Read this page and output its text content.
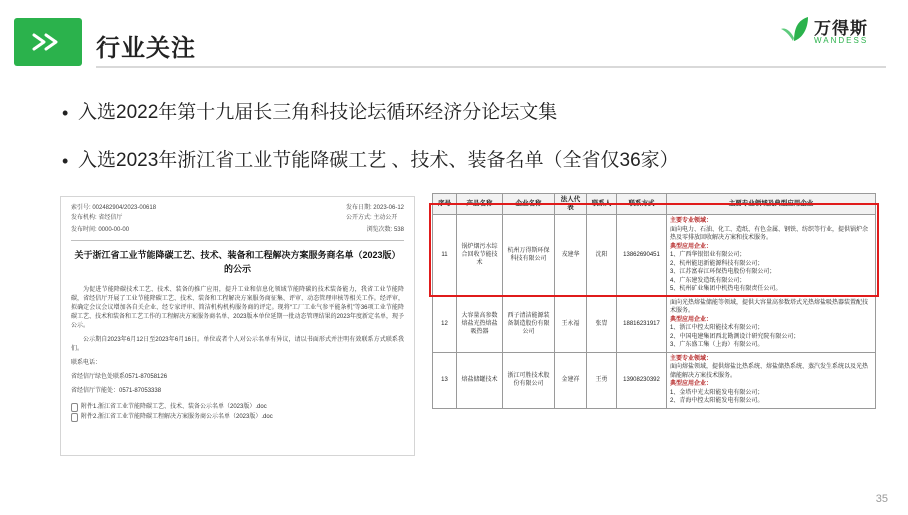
行业关注
万得斯
WANDESS
• 入选2022年第十九届长三角科技论坛循环经济分论坛文集
• 入选2023年浙江省工业节能降碳工艺 、技术、装备名单（全省仅36家）
索引号: 002482904/2023-00618
发布机构: 省经信厅
发布日期: 2023-06-12
公开方式: 主动公开
发布时间: 0000-00-00	浏览次数: 538
关于浙江省工业节能降碳工艺、技术、装备和工程解决方案服务商名单（2023版）的公示

为促进节能降碳技术工艺、技术、装备的推广应用，提升工业和信息化领域节能降碳的技术装备能力，我省工业节能降碳，省经信厅开展了工业节能降碳工艺、技术、装备和工程解决方案服务商征集、评审、动态管理审核等相关工作。经评审，拟确定会议会议增加各自关企业、经专家评审、简洁机构机构服务商的评定。现将“工厂工业气参平能条机”等36项工业节能降碳工艺、技术和装备和工艺工作的工程解决方案服务商名单、2023版本单位延期一批动态管理结果的2023年度新定名单，现予公示。

公示期自2023年6月12日至2023年6月16日。单位或者个人对公示名单有异议，请以书面形式并注明有效联系方式联系我们。

联系电话：

省经信厅绿色处联系0571-87058126

省经信厅节能处：0571-87053338

附件1.浙江省工业节能降碳工艺、技术、装备公示名单（2023版）.doc
附件2.浙江省工业节能降碳工程解决方案服务商公示名单（2023版）.doc
序号	产品名称	企业名称	法人代表	联系人	联系方式	主要专业领域及典型应用企业
11	锅炉烟污水综合回收节能技术	杭州万得斯环保科技有限公司	戎建华	沈阳	13862690451	
主要专业领域：
面向电力、石油、化工、造纸、有色金属、钢铁、纺织等行业，提供锅炉余热及零排放回收解决方案和技术服务。
典型应用企业：
1、广西华银铝业有限公司；
2、杭州能迅新能源科技有限公司；
3、江苏富春江环保热电股份有限公司；
4、广东建发造纸有限公司；
5、杭州矿业集团中机热电有限责任公司。

12	大容量高参数熔盐光热熔盐吸热器	西子清洁能源装备制造股份有限公司	王永福	张胄	18816231917	面向光热熔盐储能等领域，提供大容量高参数塔式光热熔盐吸热器装置配技术服务。
典型应用企业：
1、浙江中控太阳能技术有限公司；
2、中国电建集团西北勘测设计研究院有限公司；
3、广东盛工集（上海）有限公司。

13	熔盐储罐技术	浙江可胜技术股份有限公司	金建祥	王勇	13908230392	主要专业领域：
面向熔盐领域，提供熔盐比热系统、熔盐储热系统、蒸汽发生系统以及光热储能解决方案技术服务。
典型应用企业：
1、金塔中光太阳能发电有限公司；
2、青海中控太阳能发电有限公司。
35
